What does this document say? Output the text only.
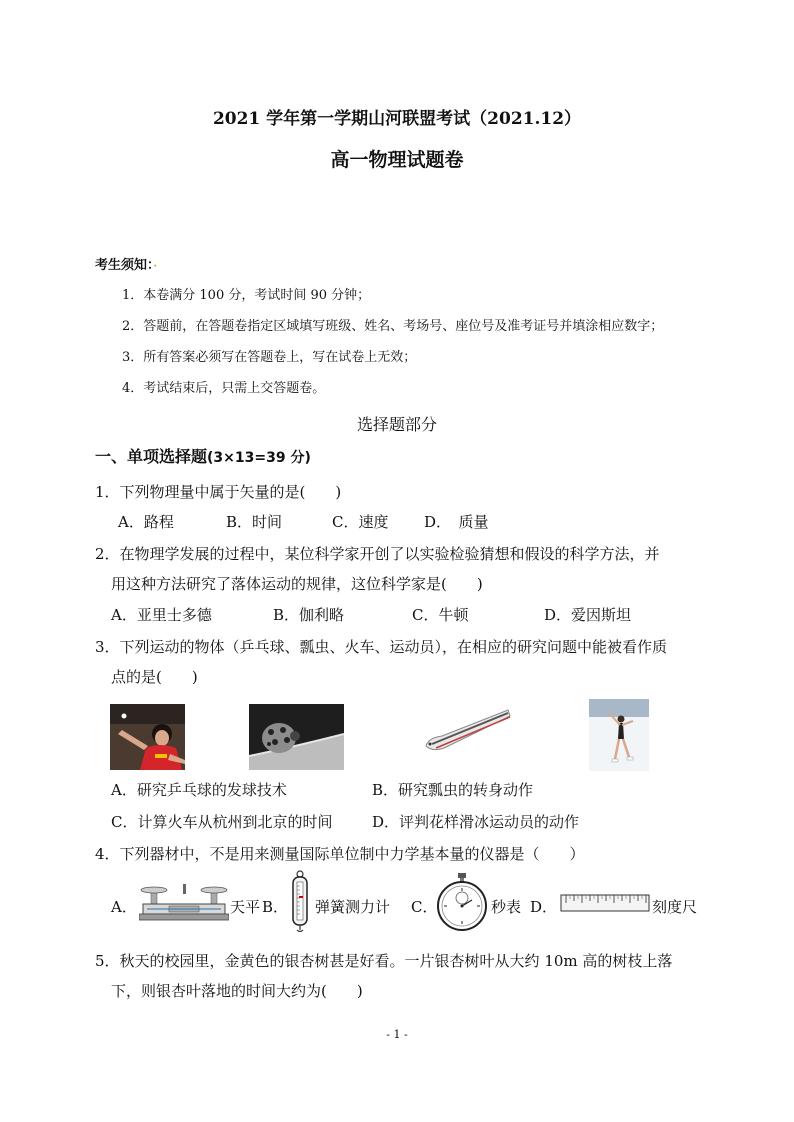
2021 学年第一学期山河联盟考试（2021.12）
高一物理试题卷
考生须知：·
1．本卷满分 100 分，考试时间 90 分钟；
2．答题前，在答题卷指定区域填写班级、姓名、考场号、座位号及准考证号并填涂相应数字；
3．所有答案必须写在答题卷上，写在试卷上无效；
4．考试结束后，只需上交答题卷。
选择题部分
一、单项选择题(3×13=39 分)
1．下列物理量中属于矢量的是(　　)
A．路程	B．时间	C．速度 D．　质量
2．在物理学发展的过程中，某位科学家开创了以实验检验猜想和假设的科学方法，并
用这种方法研究了落体运动的规律，这位科学家是(　　)
A．亚里士多德	B．伽利略	C．牛顿	D．爱因斯坦
3．下列运动的物体（乒乓球、瓢虫、火车、运动员），在相应的研究问题中能被看作质
点的是(　　)
A．研究乒乓球的发球技术	B．研究瓢虫的转身动作
C．计算火车从杭州到北京的时间	D．评判花样滑冰运动员的动作
4．下列器材中，不是用来测量国际单位制中力学基本量的仪器是（　　）
A．	天平 B． 弹簧测力计 C．	秒表 D．	刻度尺
5．秋天的校园里，金黄色的银杏树甚是好看。一片银杏树叶从大约 10m 高的树枝上落
下，则银杏叶落地的时间大约为(　　)
- 1 -
